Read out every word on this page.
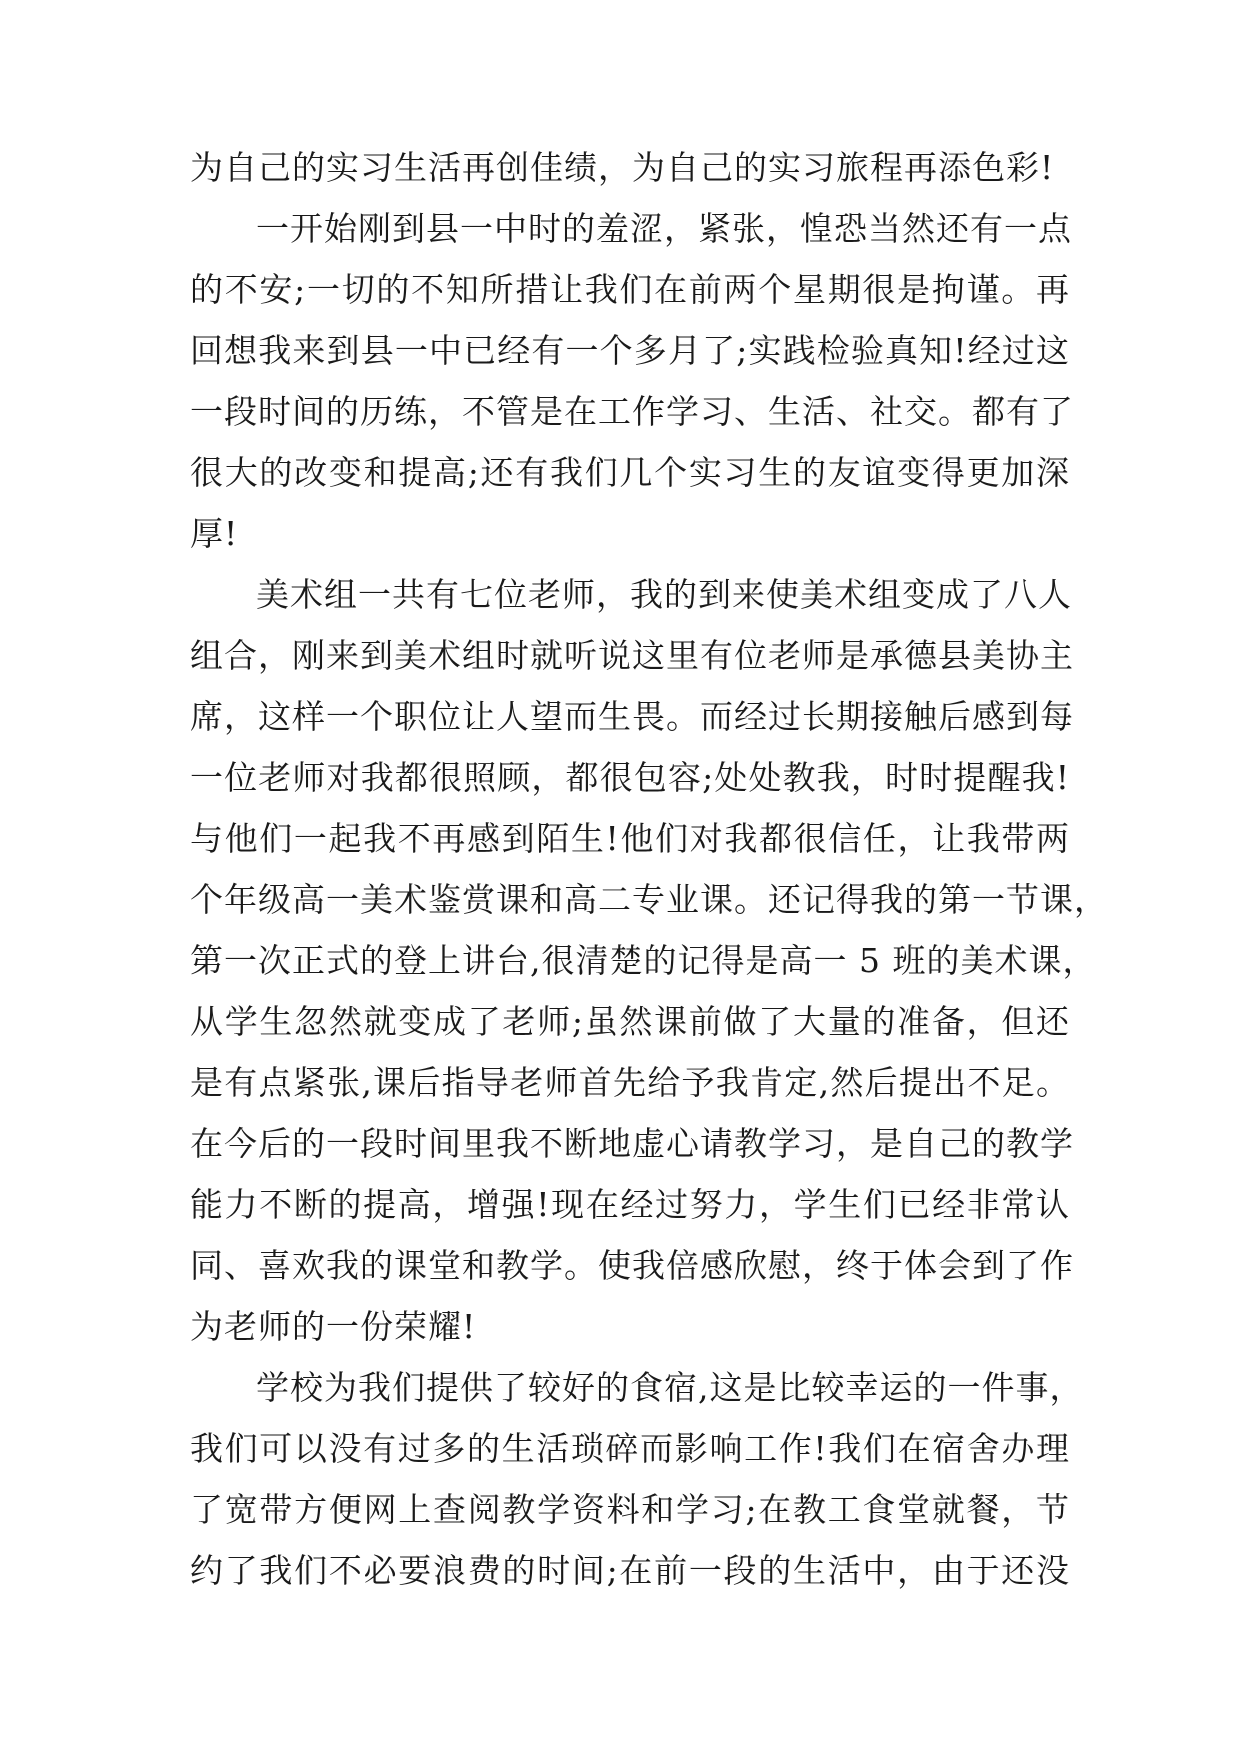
为自己的实习生活再创佳绩，为自己的实习旅程再添色彩!
一开始刚到县一中时的羞涩，紧张，惶恐当然还有一点
的不安;一切的不知所措让我们在前两个星期很是拘谨。再
回想我来到县一中已经有一个多月了;实践检验真知!经过这
一段时间的历练，不管是在工作学习、生活、社交。都有了
很大的改变和提高;还有我们几个实习生的友谊变得更加深
厚!
美术组一共有七位老师，我的到来使美术组变成了八人
组合，刚来到美术组时就听说这里有位老师是承德县美协主
席，这样一个职位让人望而生畏。而经过长期接触后感到每
一位老师对我都很照顾，都很包容;处处教我，时时提醒我!
与他们一起我不再感到陌生!他们对我都很信任，让我带两
个年级高一美术鉴赏课和高二专业课。还记得我的第一节课，
第一次正式的登上讲台,很清楚的记得是高一 5 班的美术课，
从学生忽然就变成了老师;虽然课前做了大量的准备，但还
是有点紧张,课后指导老师首先给予我肯定,然后提出不足。
在今后的一段时间里我不断地虚心请教学习，是自己的教学
能力不断的提高，增强!现在经过努力，学生们已经非常认
同、喜欢我的课堂和教学。使我倍感欣慰，终于体会到了作
为老师的一份荣耀!
学校为我们提供了较好的食宿,这是比较幸运的一件事，
我们可以没有过多的生活琐碎而影响工作!我们在宿舍办理
了宽带方便网上查阅教学资料和学习;在教工食堂就餐，节
约了我们不必要浪费的时间;在前一段的生活中，由于还没
